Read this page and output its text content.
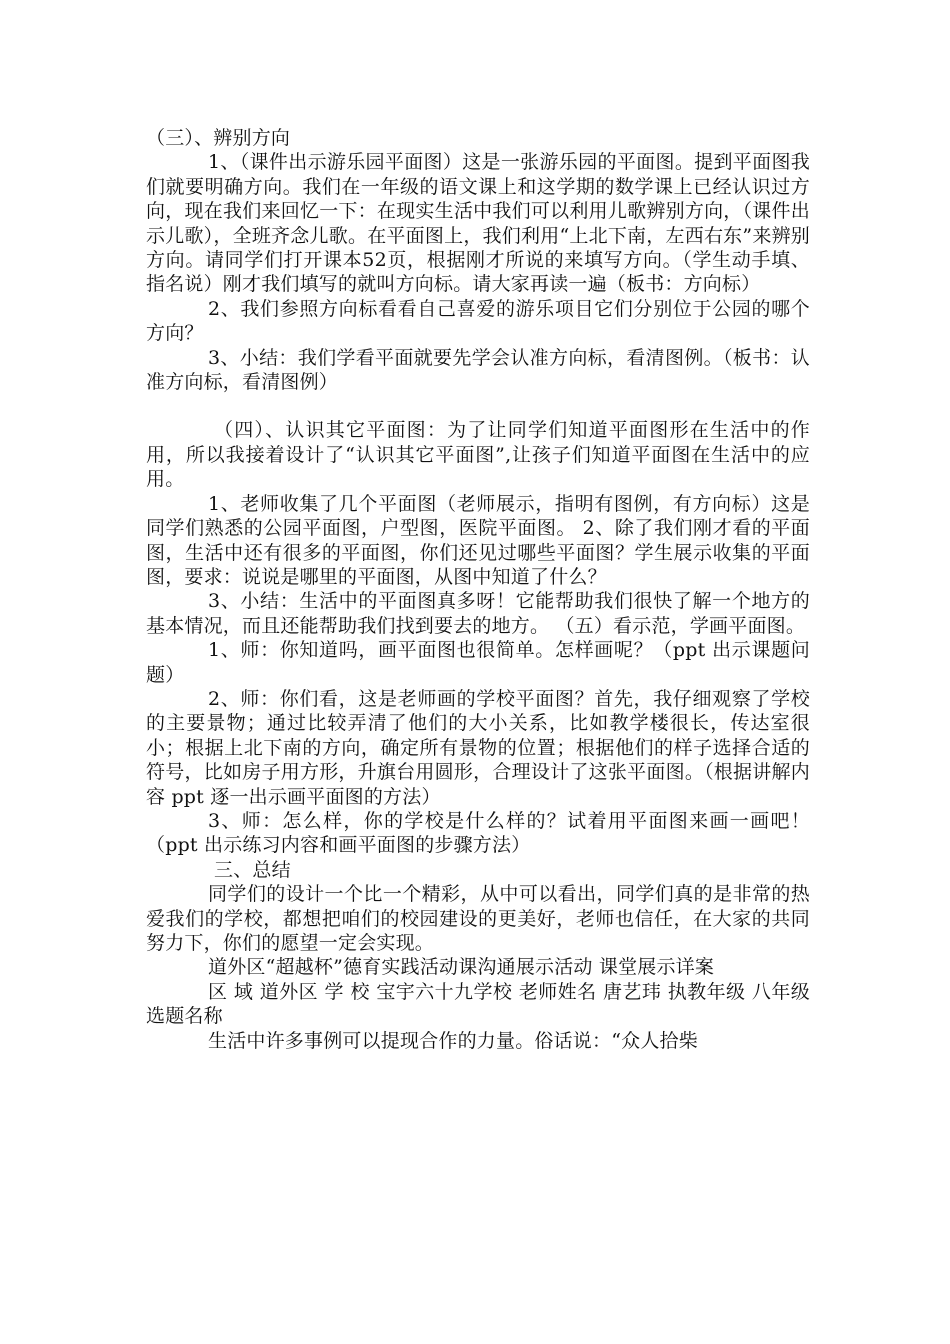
（三）、辨别方向

1、（课件出示游乐园平面图）这是一张游乐园的平面图。提到平面图我们就要明确方向。我们在一年级的语文课上和这学期的数学课上已经认识过方向，现在我们来回忆一下：在现实生活中我们可以利用儿歌辨别方向，（课件出示儿歌），全班齐念儿歌。在平面图上，我们利用“上北下南，左西右东”来辨别方向。请同学们打开课本52页，根据刚才所说的来填写方向。（学生动手填、指名说）刚才我们填写的就叫方向标。请大家再读一遍（板书：方向标）

2、我们参照方向标看看自己喜爱的游乐项目它们分别位于公园的哪个方向？

3、小结：我们学看平面就要先学会认准方向标，看清图例。（板书：认准方向标，看清图例）

（四）、认识其它平面图：为了让同学们知道平面图形在生活中的作用，所以我接着设计了“认识其它平面图”,让孩子们知道平面图在生活中的应用。

1、老师收集了几个平面图（老师展示，指明有图例，有方向标）这是同学们熟悉的公园平面图，户型图，医院平面图。 2、除了我们刚才看的平面图，生活中还有很多的平面图，你们还见过哪些平面图？学生展示收集的平面图，要求：说说是哪里的平面图，从图中知道了什么？

3、小结：生活中的平面图真多呀！它能帮助我们很快了解一个地方的基本情况，而且还能帮助我们找到要去的地方。 （五）看示范，学画平面图。

1、师：你知道吗，画平面图也很简单。怎样画呢？（ppt 出示课题问题）

2、师：你们看，这是老师画的学校平面图？首先，我仔细观察了学校的主要景物；通过比较弄清了他们的大小关系，比如教学楼很长，传达室很小；根据上北下南的方向，确定所有景物的位置；根据他们的样子选择合适的符号，比如房子用方形，升旗台用圆形，合理设计了这张平面图。（根据讲解内容 ppt 逐一出示画平面图的方法）

3、师：怎么样，你的学校是什么样的？试着用平面图来画一画吧！（ppt 出示练习内容和画平面图的步骤方法）

三、总结

同学们的设计一个比一个精彩，从中可以看出，同学们真的是非常的热爱我们的学校，都想把咱们的校园建设的更美好，老师也信任，在大家的共同努力下，你们的愿望一定会实现。

道外区“超越杯”德育实践活动课沟通展示活动 课堂展示详案

区 域 道外区 学 校 宝宇六十九学校 老师姓名 唐艺玮 执教年级 八年级 选题名称

生活中许多事例可以提现合作的力量。俗话说：“众人拾柴
